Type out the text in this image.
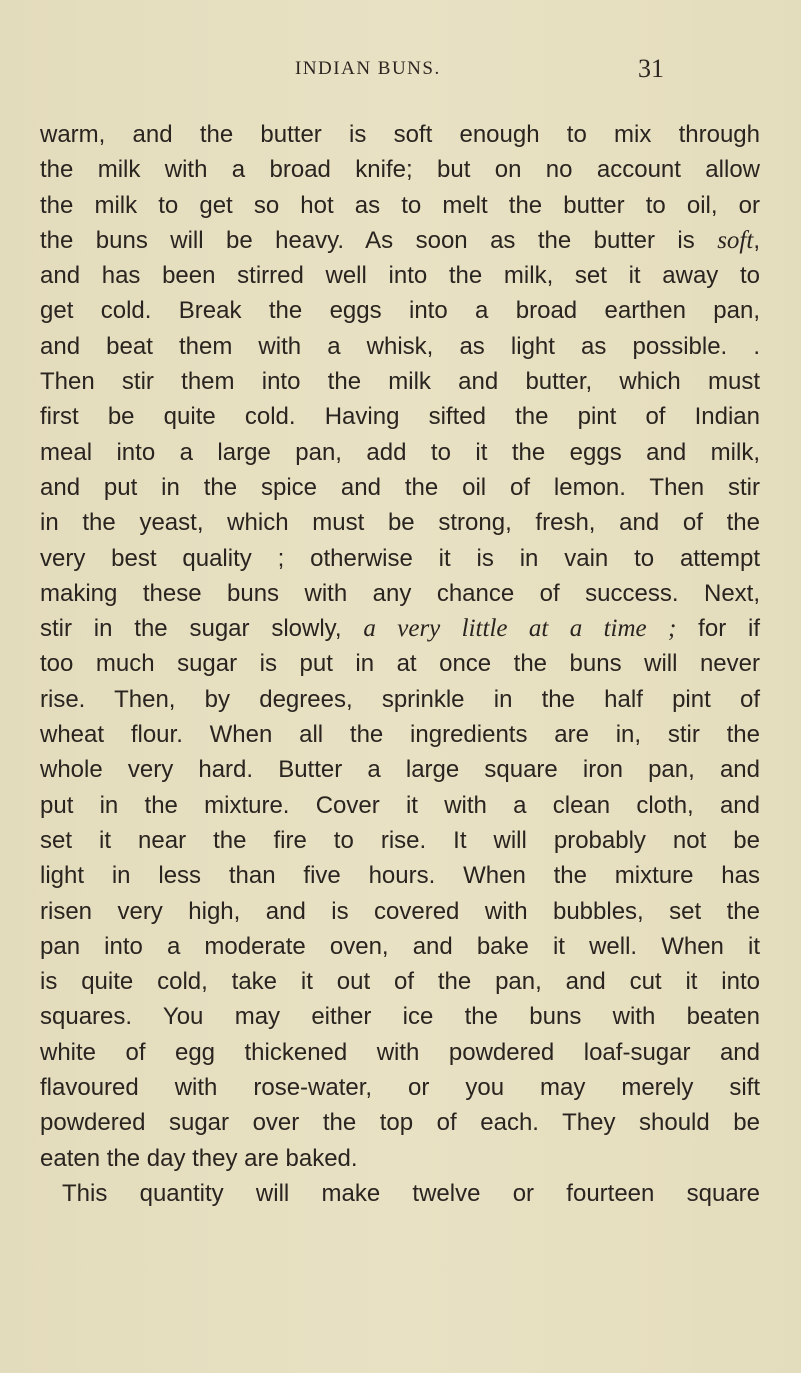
INDIAN BUNS.	31
warm, and the butter is soft enough to mix through
the milk with a broad knife; but on no account allow
the milk to get so hot as to melt the butter to oil, or
the buns will be heavy. As soon as the butter is soft,
and has been stirred well into the milk, set it away to
get cold. Break the eggs into a broad earthen pan,
and beat them with a whisk, as light as possible. .
Then stir them into the milk and butter, which must
first be quite cold. Having sifted the pint of Indian
meal into a large pan, add to it the eggs and milk,
and put in the spice and the oil of lemon. Then stir
in the yeast, which must be strong, fresh, and of the
very best quality ; otherwise it is in vain to attempt
making these buns with any chance of success. Next,
stir in the sugar slowly, a very little at a time ; for if
too much sugar is put in at once the buns will never
rise. Then, by degrees, sprinkle in the half pint of
wheat flour. When all the ingredients are in, stir the
whole very hard. Butter a large square iron pan, and
put in the mixture. Cover it with a clean cloth, and
set it near the fire to rise. It will probably not be
light in less than five hours. When the mixture has
risen very high, and is covered with bubbles, set the
pan into a moderate oven, and bake it well. When it
is quite cold, take it out of the pan, and cut it into
squares. You may either ice the buns with beaten
white of egg thickened with powdered loaf-sugar and
flavoured with rose-water, or you may merely sift
powdered sugar over the top of each. They should be
eaten the day they are baked.
This quantity will make twelve or fourteen square
